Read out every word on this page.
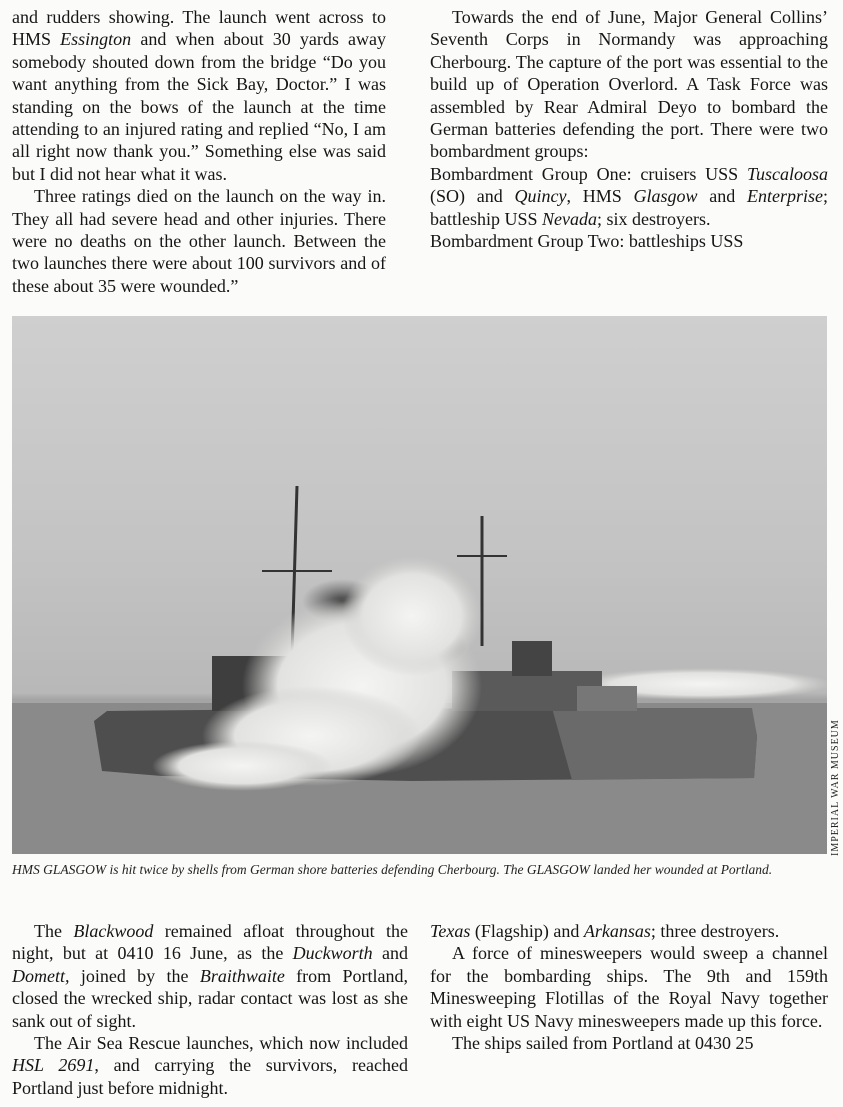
and rudders showing. The launch went across to HMS Essington and when about 30 yards away somebody shouted down from the bridge “Do you want anything from the Sick Bay, Doctor.” I was standing on the bows of the launch at the time attending to an injured rating and replied “No, I am all right now thank you.” Something else was said but I did not hear what it was.

Three ratings died on the launch on the way in. They all had severe head and other injuries. There were no deaths on the other launch. Between the two launches there were about 100 survivors and of these about 35 were wounded.”

Towards the end of June, Major General Collins’ Seventh Corps in Normandy was approaching Cherbourg. The capture of the port was essential to the build up of Operation Overlord. A Task Force was assembled by Rear Admiral Deyo to bombard the German batteries defending the port. There were two bombardment groups:

Bombardment Group One: cruisers USS Tuscaloosa (SO) and Quincy, HMS Glasgow and Enterprise; battleship USS Nevada; six destroyers.

Bombardment Group Two: battleships USS

IMPERIAL WAR MUSEUM
HMS GLASGOW is hit twice by shells from German shore batteries defending Cherbourg. The GLASGOW landed her wounded at Portland.

The Blackwood remained afloat throughout the night, but at 0410 16 June, as the Duckworth and Domett, joined by the Braithwaite from Portland, closed the wrecked ship, radar contact was lost as she sank out of sight.

The Air Sea Rescue launches, which now included HSL 2691, and carrying the survivors, reached Portland just before midnight.

Texas (Flagship) and Arkansas; three destroyers.

A force of minesweepers would sweep a channel for the bombarding ships. The 9th and 159th Minesweeping Flotillas of the Royal Navy together with eight US Navy minesweepers made up this force.

The ships sailed from Portland at 0430 25
